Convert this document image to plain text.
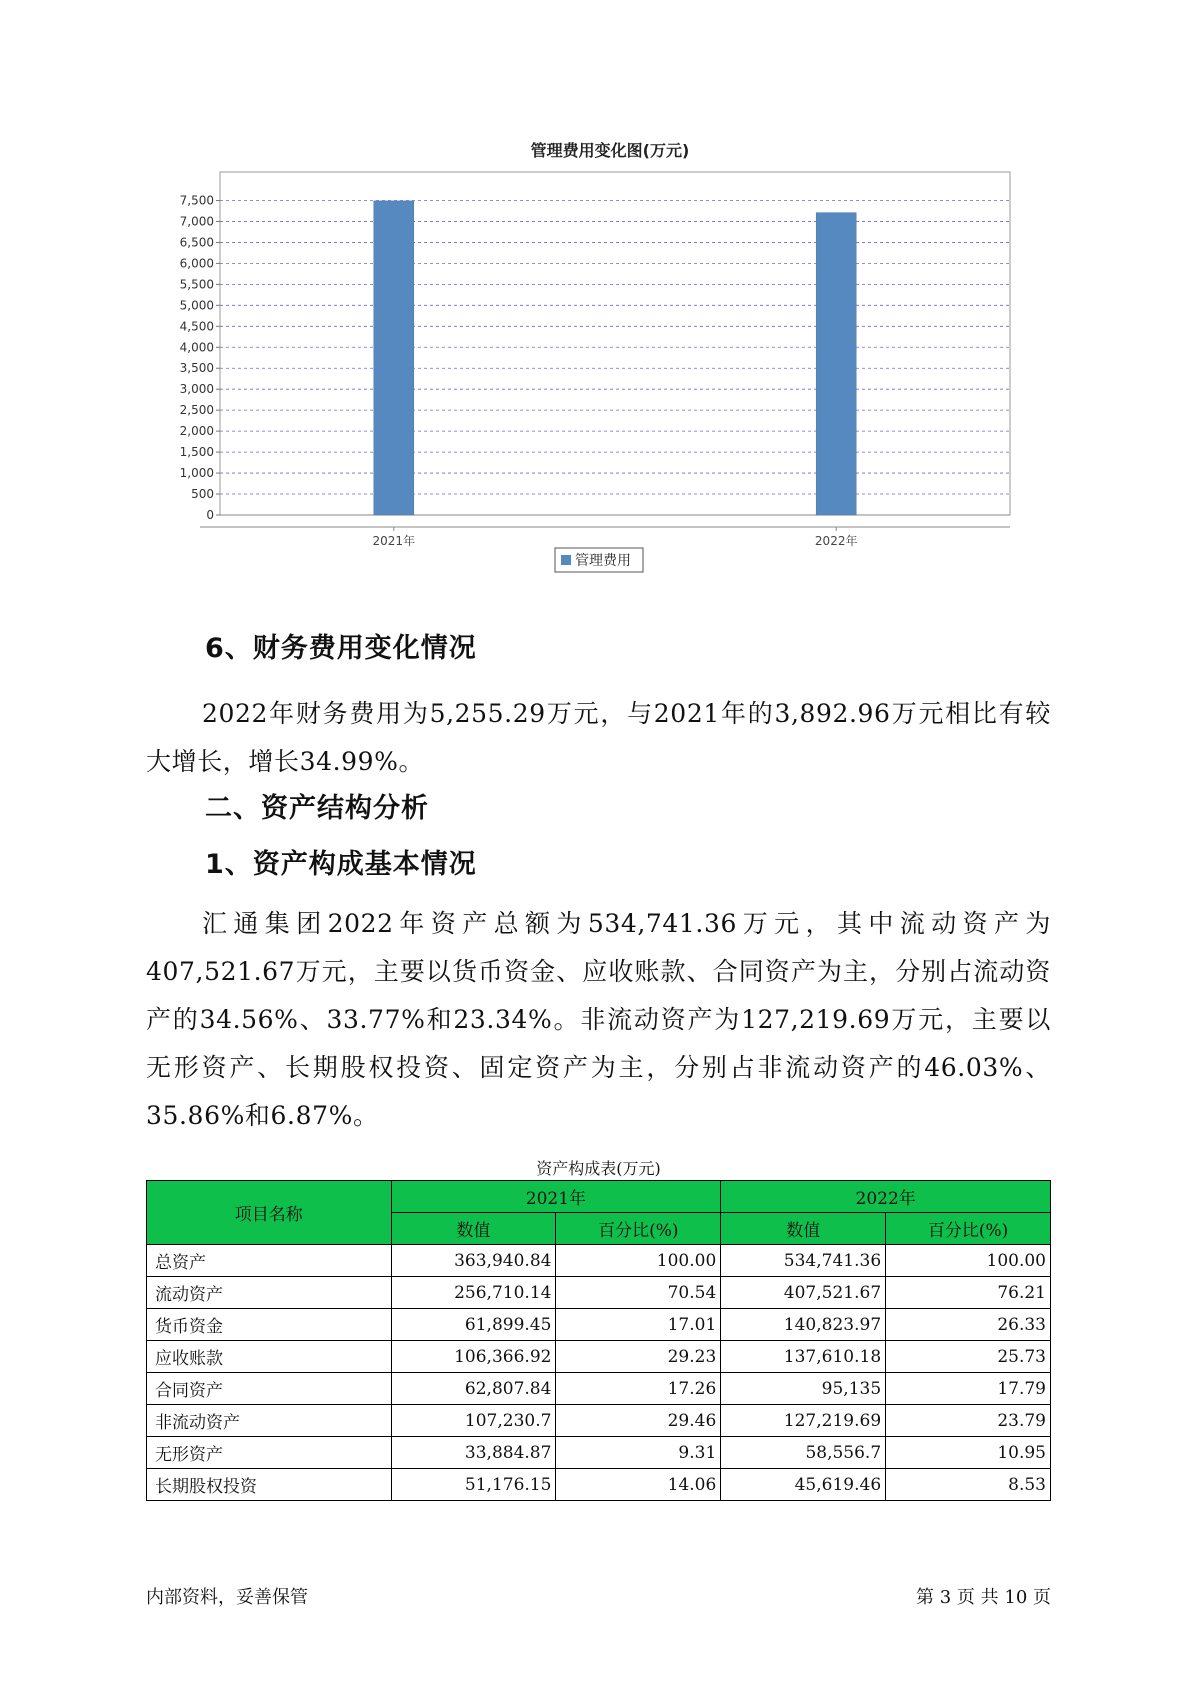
管理费用变化图(万元)
0
500
1,000
1,500
2,000
2,500
3,000
3,500
4,000
4,500
5,000
5,500
6,000
6,500
7,000
7,500
2021年	2022年
管理费用
6、财务费用变化情况

2022年财务费用为5,255.29万元，与2021年的3,892.96万元相比有较大增长，增长34.99%。

二、资产结构分析
1、资产构成基本情况

汇通集团2022年资产总额为534,741.36万元，其中流动资产为407,521.67万元，主要以货币资金、应收账款、合同资产为主，分别占流动资产的34.56%、33.77%和23.34%。非流动资产为127,219.69万元，主要以无形资产、长期股权投资、固定资产为主，分别占非流动资产的46.03%、35.86%和6.87%。

资产构成表(万元)
项目名称	2021年		2022年	
	数值	百分比(%)	数值	百分比(%)
总资产	363,940.84	100.00	534,741.36	100.00
流动资产	256,710.14	70.54	407,521.67	76.21
货币资金	61,899.45	17.01	140,823.97	26.33
应收账款	106,366.92	29.23	137,610.18	25.73
合同资产	62,807.84	17.26	95,135	17.79
非流动资产	107,230.7	29.46	127,219.69	23.79
无形资产	33,884.87	9.31	58,556.7	10.95
长期股权投资	51,176.15	14.06	45,619.46	8.53
内部资料，妥善保管	第 3 页 共 10 页
